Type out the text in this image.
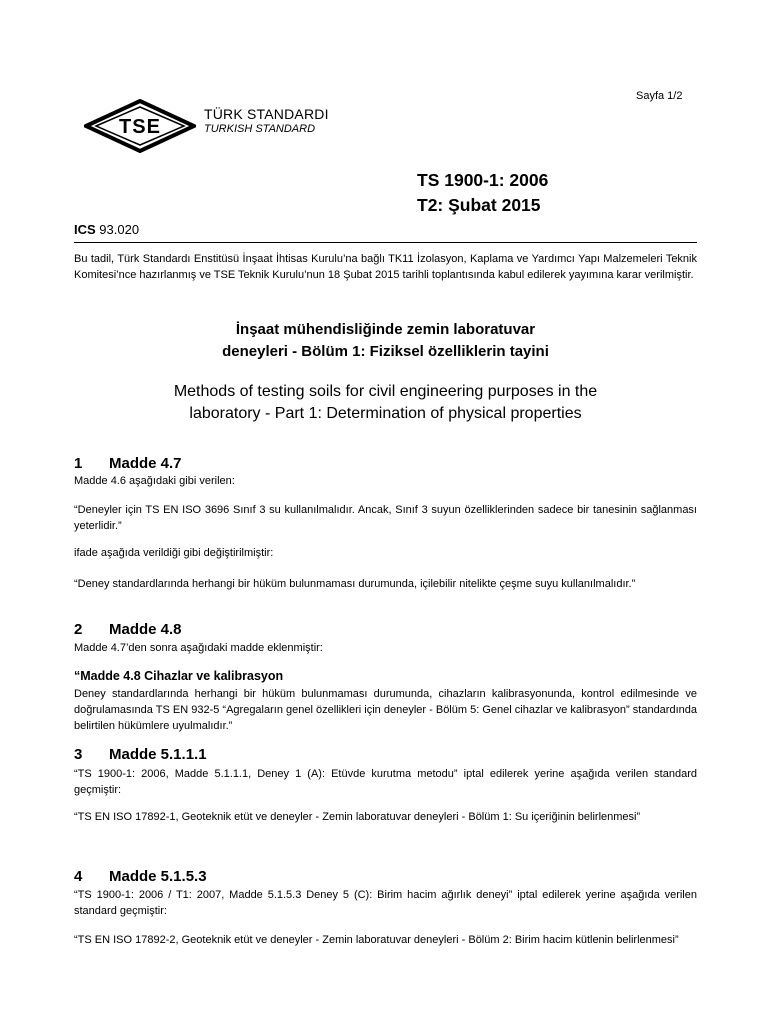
Sayfa 1/2
TSE
TÜRK STANDARDI
TURKISH STANDARD
TS 1900-1: 2006
T2: Şubat 2015
ICS 93.020
Bu tadil, Türk Standardı Enstitüsü İnşaat İhtisas Kurulu’na bağlı TK11 İzolasyon, Kaplama ve Yardımcı Yapı Malzemeleri Teknik Komitesi’nce hazırlanmış ve TSE Teknik Kurulu’nun 18 Şubat 2015 tarihli toplantısında kabul edilerek yayımına karar verilmiştir.
İnşaat mühendisliğinde zemin laboratuvar
deneyleri - Bölüm 1: Fiziksel özelliklerin tayini
Methods of testing soils for civil engineering purposes in the
laboratory - Part 1: Determination of physical properties
1 Madde 4.7
Madde 4.6 aşağıdaki gibi verilen:
“Deneyler için TS EN ISO 3696 Sınıf 3 su kullanılmalıdır. Ancak, Sınıf 3 suyun özelliklerinden sadece bir tanesinin sağlanması yeterlidir.”
ifade aşağıda verildiği gibi değiştirilmiştir:
“Deney standardlarında herhangi bir hüküm bulunmaması durumunda, içilebilir nitelikte çeşme suyu kullanılmalıdır.”
2 Madde 4.8
Madde 4.7’den sonra aşağıdaki madde eklenmiştir:
“Madde 4.8 Cihazlar ve kalibrasyon
Deney standardlarında herhangi bir hüküm bulunmaması durumunda, cihazların kalibrasyonunda, kontrol edilmesinde ve doğrulamasında TS EN 932-5 “Agregaların genel özellikleri için deneyler - Bölüm 5: Genel cihazlar ve kalibrasyon” standardında belirtilen hükümlere uyulmalıdır.”
3 Madde 5.1.1.1
“TS 1900-1: 2006, Madde 5.1.1.1, Deney 1 (A): Etüvde kurutma metodu” iptal edilerek yerine aşağıda verilen standard geçmiştir:
“TS EN ISO 17892-1, Geoteknik etüt ve deneyler - Zemin laboratuvar deneyleri - Bölüm 1: Su içeriğinin belirlenmesi”
4 Madde 5.1.5.3
“TS 1900-1: 2006 / T1: 2007, Madde 5.1.5.3 Deney 5 (C): Birim hacim ağırlık deneyi” iptal edilerek yerine aşağıda verilen standard geçmiştir:
“TS EN ISO 17892-2, Geoteknik etüt ve deneyler - Zemin laboratuvar deneyleri - Bölüm 2: Birim hacim kütlenin belirlenmesi”
